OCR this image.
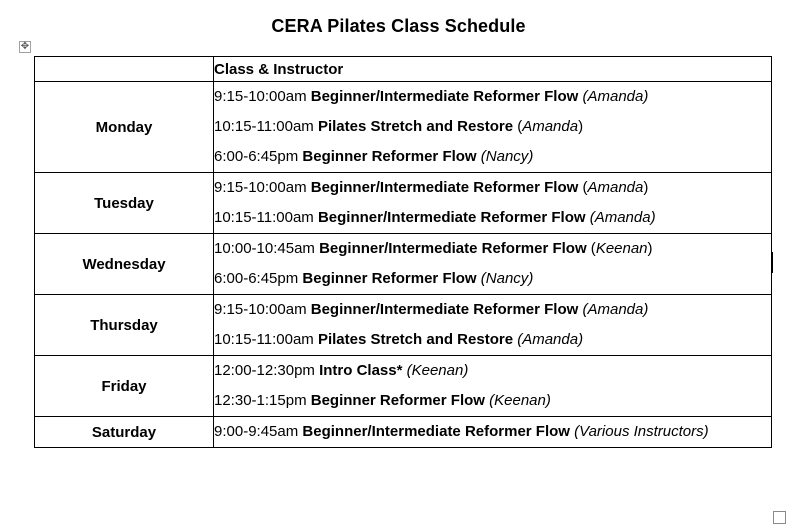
CERA Pilates Class Schedule
✥
	Class & Instructor
Monday	9:15-10:00am Beginner/Intermediate Reformer Flow (Amanda)
10:15-11:00am Pilates Stretch and Restore (Amanda)
6:00-6:45pm Beginner Reformer Flow (Nancy)

Tuesday	9:15-10:00am Beginner/Intermediate Reformer Flow (Amanda)
10:15-11:00am Beginner/Intermediate Reformer Flow (Amanda)

Wednesday	10:00-10:45am Beginner/Intermediate Reformer Flow (Keenan)
6:00-6:45pm Beginner Reformer Flow (Nancy)

Thursday	9:15-10:00am Beginner/Intermediate Reformer Flow (Amanda)
10:15-11:00am Pilates Stretch and Restore (Amanda)

Friday	12:00-12:30pm Intro Class* (Keenan)
12:30-1:15pm Beginner Reformer Flow (Keenan)

Saturday	9:00-9:45am Beginner/Intermediate Reformer Flow (Various Instructors)
